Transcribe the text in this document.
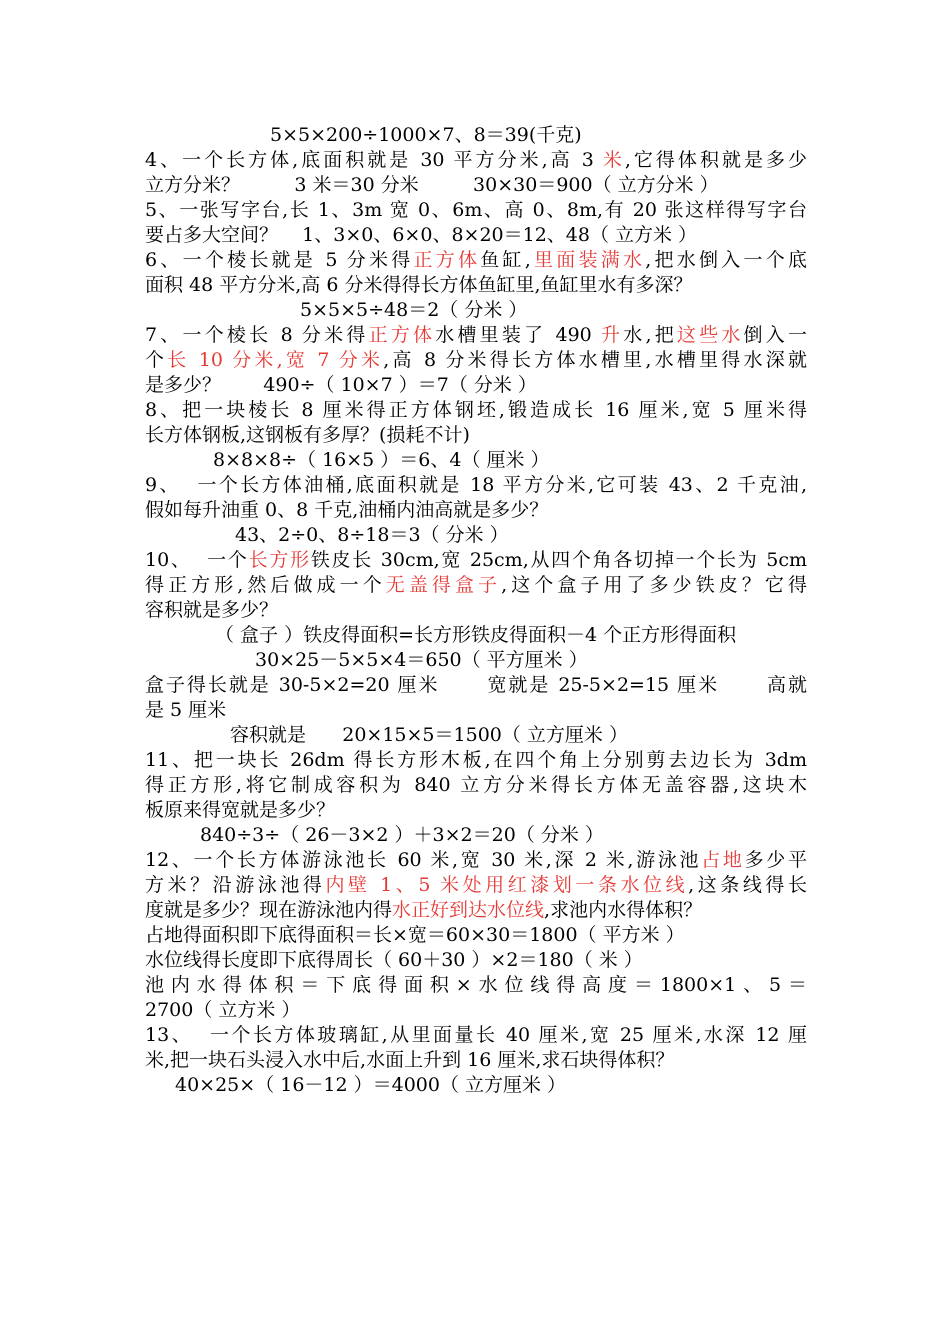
5×5×200÷1000×7、8＝39(千克)
4、一个长方体,底面积就是 30 平方分米,高 3 米,它得体积就是多少
立方分米？         3 米＝30 分米         30×30＝900（ 立方分米 ）
5、一张写字台,长 1、3m 宽 0、6m、高 0、8m,有 20 张这样得写字台
要占多大空间？    1、3×0、6×0、8×20＝12、48（ 立方米 ）
6、一个棱长就是 5 分米得正方体鱼缸,里面装满水,把水倒入一个底
面积 48 平方分米,高 6 分米得得长方体鱼缸里,鱼缸里水有多深？
5×5×5÷48＝2（ 分米 ）
7、一个棱长 8 分米得正方体水槽里装了 490 升水,把这些水倒入一
个长 10 分米,宽 7 分米,高 8 分米得长方体水槽里,水槽里得水深就
是多少？       490÷（ 10×7 ）＝7（ 分米 ）
8、把一块棱长 8 厘米得正方体钢坯,锻造成长 16 厘米,宽 5 厘米得
长方体钢板,这钢板有多厚？(损耗不计)
8×8×8÷（ 16×5 ）＝6、4（ 厘米 ）
9、  一个长方体油桶,底面积就是 18 平方分米,它可装 43、2 千克油,
假如每升油重 0、8 千克,油桶内油高就是多少？
43、2÷0、8÷18＝3（ 分米 ）
10、  一个长方形铁皮长 30cm,宽 25cm,从四个角各切掉一个长为 5cm
得正方形,然后做成一个无盖得盒子,这个盒子用了多少铁皮？它得
容积就是多少？
（ 盒子 ）铁皮得面积=长方形铁皮得面积－4 个正方形得面积
30×25－5×5×4＝650（ 平方厘米 ）
盒子得长就是 30-5×2=20 厘米      宽就是 25-5×2=15 厘米      高就
是 5 厘米
容积就是      20×15×5＝1500（ 立方厘米 ）
11、把一块长 26dm 得长方形木板,在四个角上分别剪去边长为 3dm
得正方形,将它制成容积为 840 立方分米得长方体无盖容器,这块木
板原来得宽就是多少？
840÷3÷（ 26－3×2 ）＋3×2＝20（ 分米 ）
12、一个长方体游泳池长 60 米,宽 30 米,深 2 米,游泳池占地多少平
方米？沿游泳池得内壁 1、5 米处用红漆划一条水位线,这条线得长
度就是多少？现在游泳池内得水正好到达水位线,求池内水得体积？
占地得面积即下底得面积＝长×宽＝60×30＝1800（ 平方米 ）
水位线得长度即下底得周长（ 60＋30 ）×2＝180（ 米 ）
池内水得体积＝下底得面积×水位线得高度＝1800×1、5＝
2700（ 立方米 ）
13、  一个长方体玻璃缸,从里面量长 40 厘米,宽 25 厘米,水深 12 厘
米,把一块石头浸入水中后,水面上升到 16 厘米,求石块得体积？
40×25×（ 16－12 ）＝4000（ 立方厘米 ）
